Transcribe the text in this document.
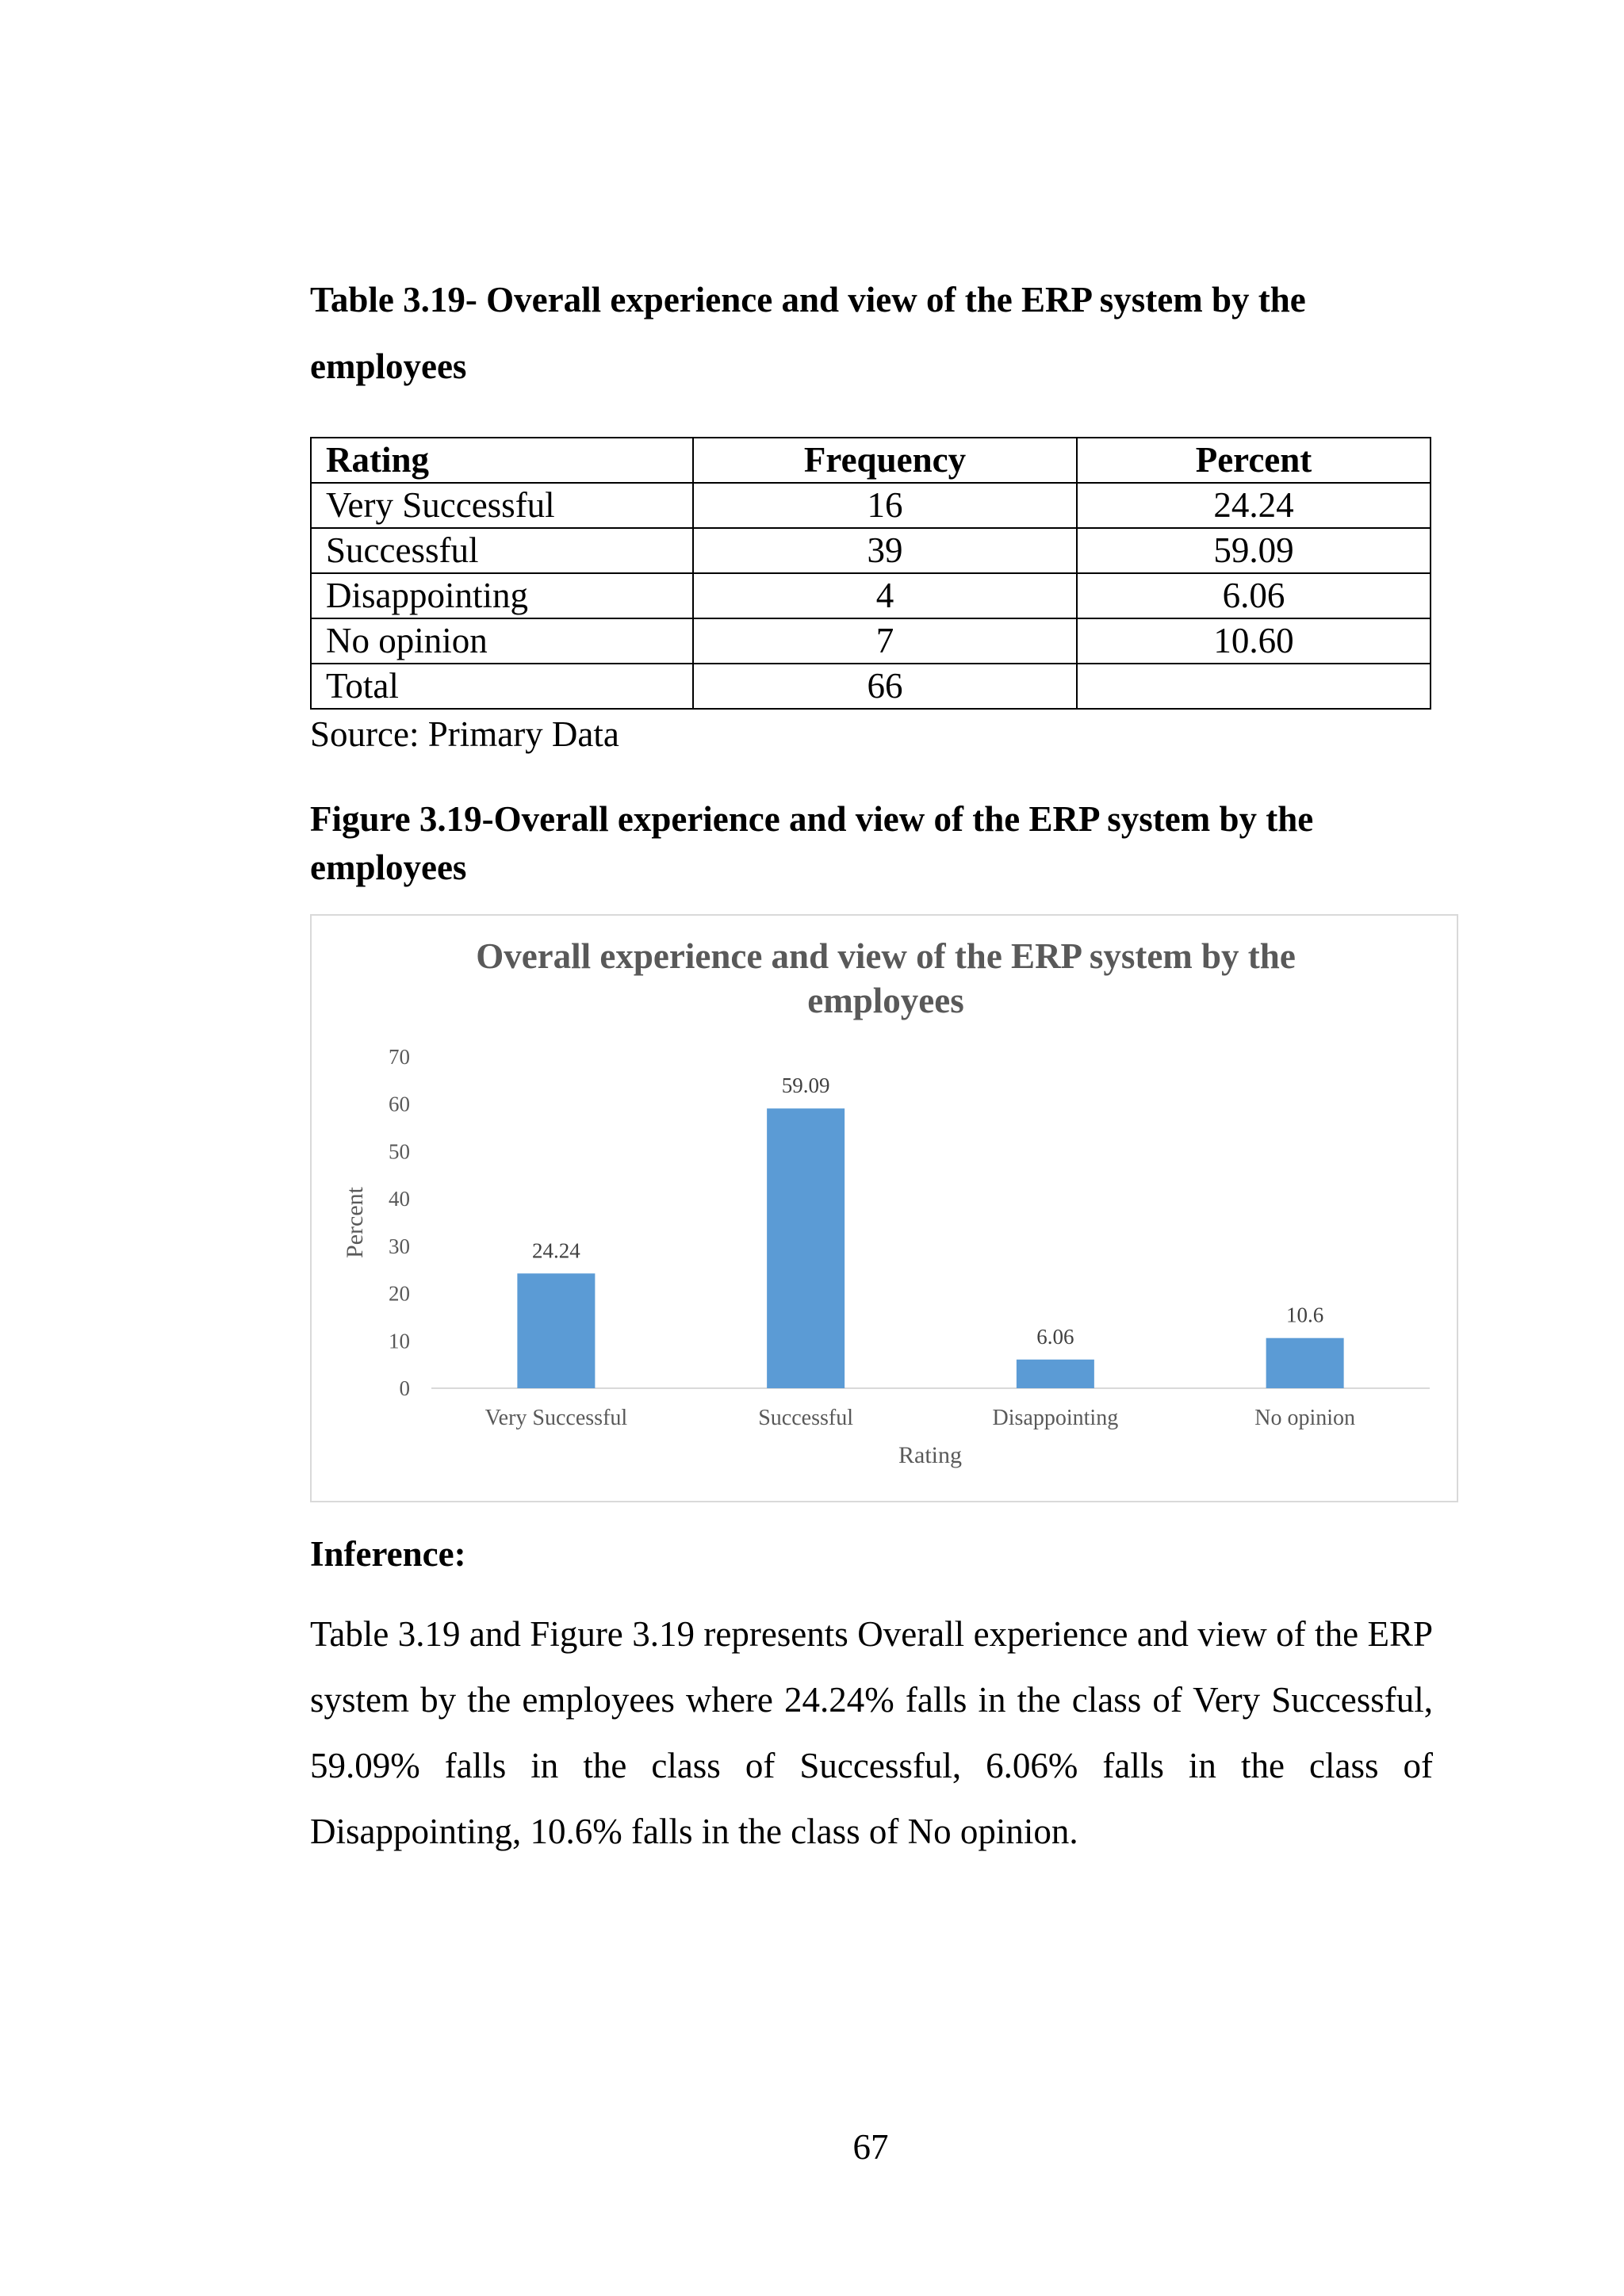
Table 3.19- Overall experience and view of the ERP system by the employees
Rating	Frequency	Percent
Very Successful	16	24.24
Successful	39	59.09
Disappointing	4	6.06
No opinion	7	10.60
Total	66	
Source: Primary Data
Figure 3.19-Overall experience and view of the ERP system by the employees
Overall experience and view of the ERP system by the
employees
0
10
20
30
40
50
60
70
Percent	24.24
Very Successful
59.09
Successful
6.06
Disappointing
10.6
No opinion
Rating
Inference:

Table 3.19 and Figure 3.19 represents Overall experience and view of the ERP system by the employees where 24.24% falls in the class of Very Successful, 59.09% falls in the class of Successful, 6.06% falls in the class of Disappointing, 10.6% falls in the class of No opinion.

67
